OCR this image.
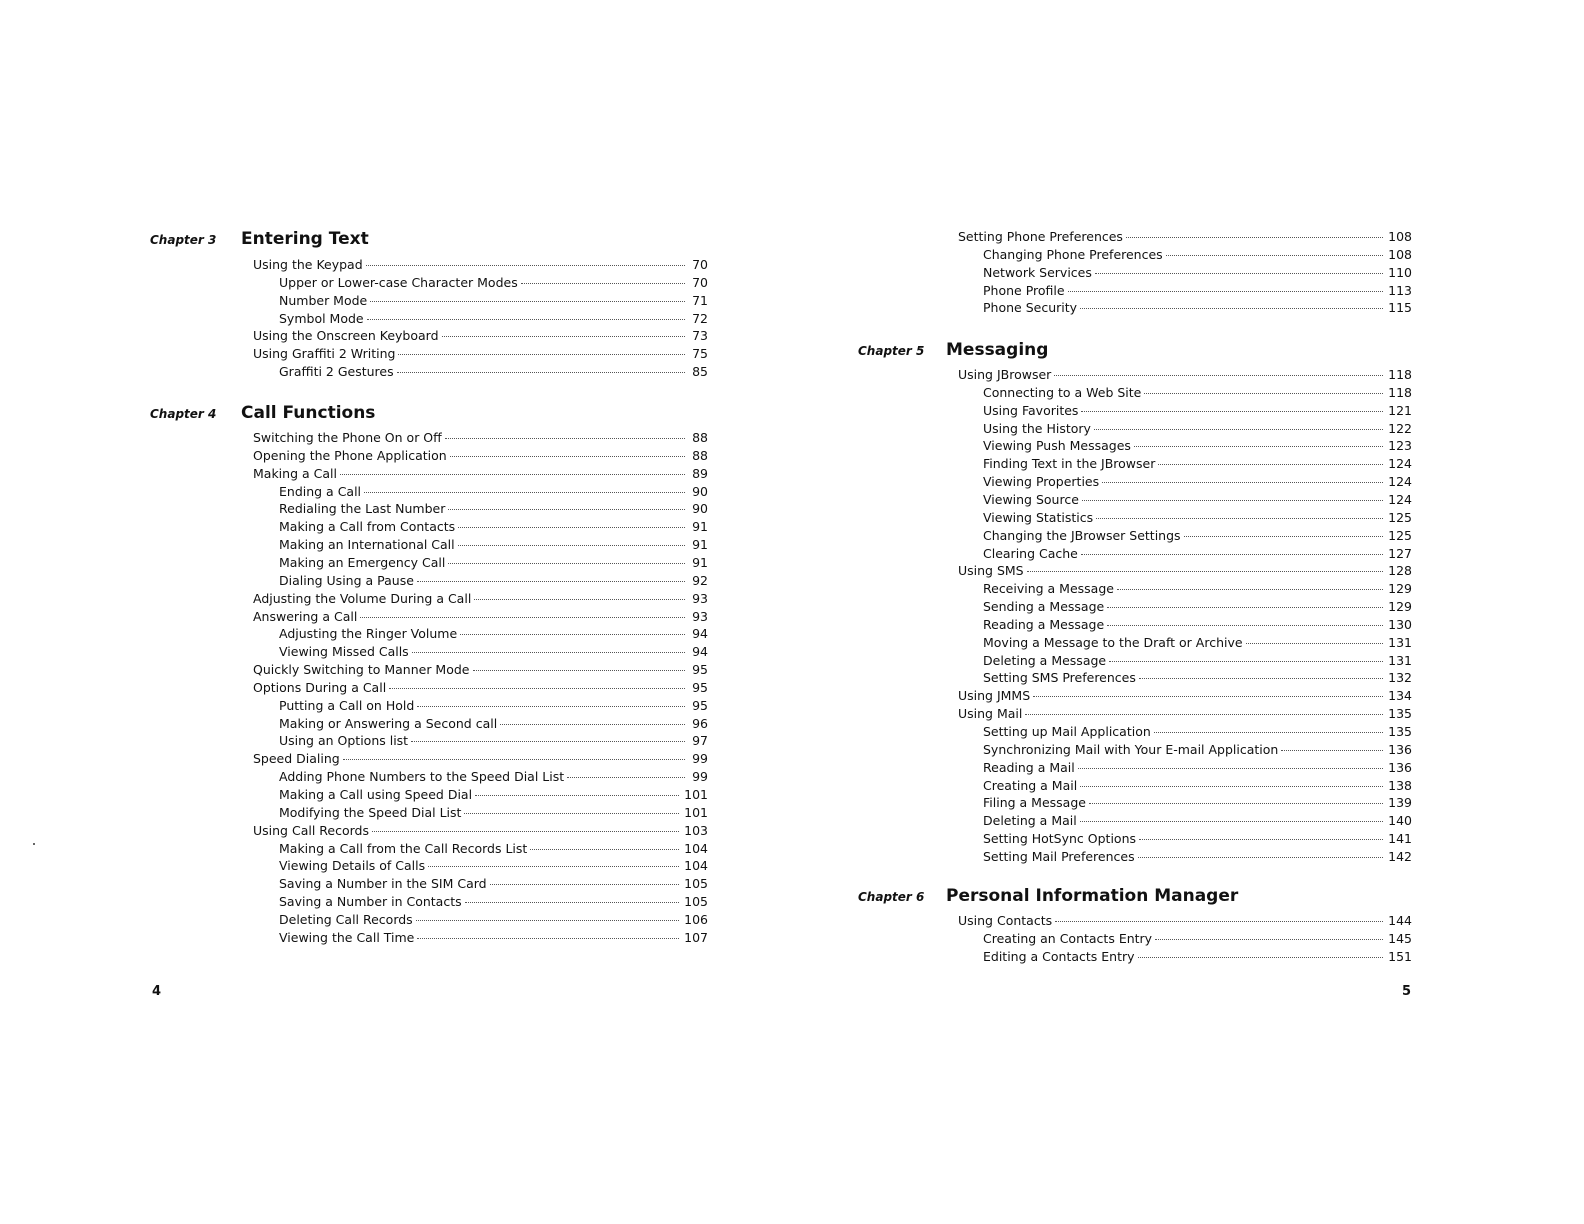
Chapter 3 Entering Text
Using the Keypad	70
Upper or Lower-case Character Modes	70
Number Mode	71
Symbol Mode	72
Using the Onscreen Keyboard	73
Using Graffiti 2 Writing	75
Graffiti 2 Gestures	85
Chapter 4 Call Functions
Switching the Phone On or Off	88
Opening the Phone Application	88
Making a Call	89
Ending a Call	90
Redialing the Last Number	90
Making a Call from Contacts	91
Making an International Call	91
Making an Emergency Call	91
Dialing Using a Pause	92
Adjusting the Volume During a Call	93
Answering a Call	93
Adjusting the Ringer Volume	94
Viewing Missed Calls	94
Quickly Switching to Manner Mode	95
Options During a Call	95
Putting a Call on Hold	95
Making or Answering a Second call	96
Using an Options list	97
Speed Dialing	99
Adding Phone Numbers to the Speed Dial List	99
Making a Call using Speed Dial	101
Modifying the Speed Dial List	101
Using Call Records	103
Making a Call from the Call Records List	104
Viewing Details of Calls	104
Saving a Number in the SIM Card	105
Saving a Number in Contacts	105
Deleting Call Records	106
Viewing the Call Time	107
4
Setting Phone Preferences	108
Changing Phone Preferences	108
Network Services	110
Phone Profile	113
Phone Security	115
Chapter 5 Messaging
Using JBrowser	118
Connecting to a Web Site	118
Using Favorites	121
Using the History	122
Viewing Push Messages	123
Finding Text in the JBrowser	124
Viewing Properties	124
Viewing Source	124
Viewing Statistics	125
Changing the JBrowser Settings	125
Clearing Cache	127
Using SMS	128
Receiving a Message	129
Sending a Message	129
Reading a Message	130
Moving a Message to the Draft or Archive	131
Deleting a Message	131
Setting SMS Preferences	132
Using JMMS	134
Using Mail	135
Setting up Mail Application	135
Synchronizing Mail with Your E-mail Application	136
Reading a Mail	136
Creating a Mail	138
Filing a Message	139
Deleting a Mail	140
Setting HotSync Options	141
Setting Mail Preferences	142
Chapter 6 Personal Information Manager
Using Contacts	144
Creating an Contacts Entry	145
Editing a Contacts Entry	151
5
